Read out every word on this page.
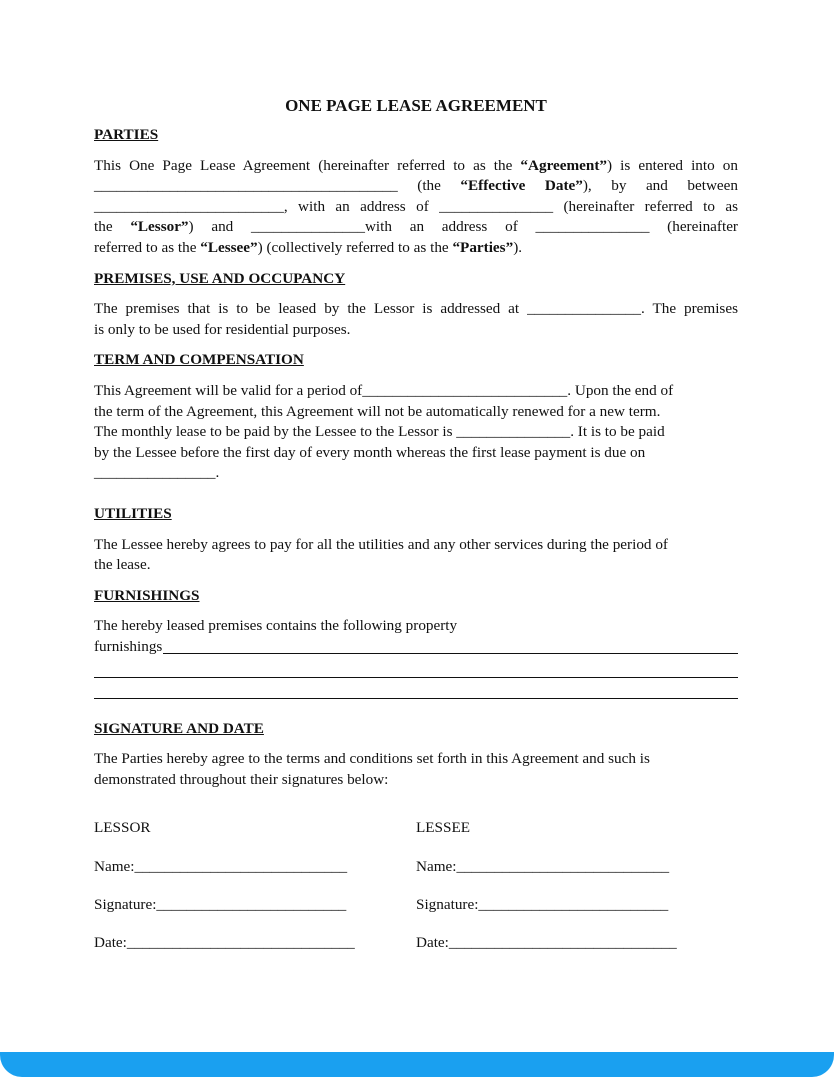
ONE PAGE LEASE AGREEMENT
PARTIES
This One Page Lease Agreement (hereinafter referred to as the “Agreement”) is entered into on
________________________________________ (the “Effective Date”), by and between
_________________________, with an address of _______________ (hereinafter referred to as
the “Lessor”) and _______________with an address of _______________ (hereinafter
referred to as the “Lessee”) (collectively referred to as the “Parties”).
PREMISES, USE AND OCCUPANCY
The premises that is to be leased by the Lessor is addressed at _______________. The premises
is only to be used for residential purposes.
TERM AND COMPENSATION
This Agreement will be valid for a period of___________________________. Upon the end of
the term of the Agreement, this Agreement will not be automatically renewed for a new term.
The monthly lease to be paid by the Lessee to the Lessor is _______________. It is to be paid
by the Lessee before the first day of every month whereas the first lease payment is due on
________________.
UTILITIES
The Lessee hereby agrees to pay for all the utilities and any other services during the period of
the lease.
FURNISHINGS
The hereby leased premises contains the following property
furnishings
SIGNATURE AND DATE
The Parties hereby agree to the terms and conditions set forth in this Agreement and such is
demonstrated throughout their signatures below:
LESSOR
Name:____________________________
Signature:_________________________
Date:______________________________
LESSEE
Name:____________________________
Signature:_________________________
Date:______________________________
